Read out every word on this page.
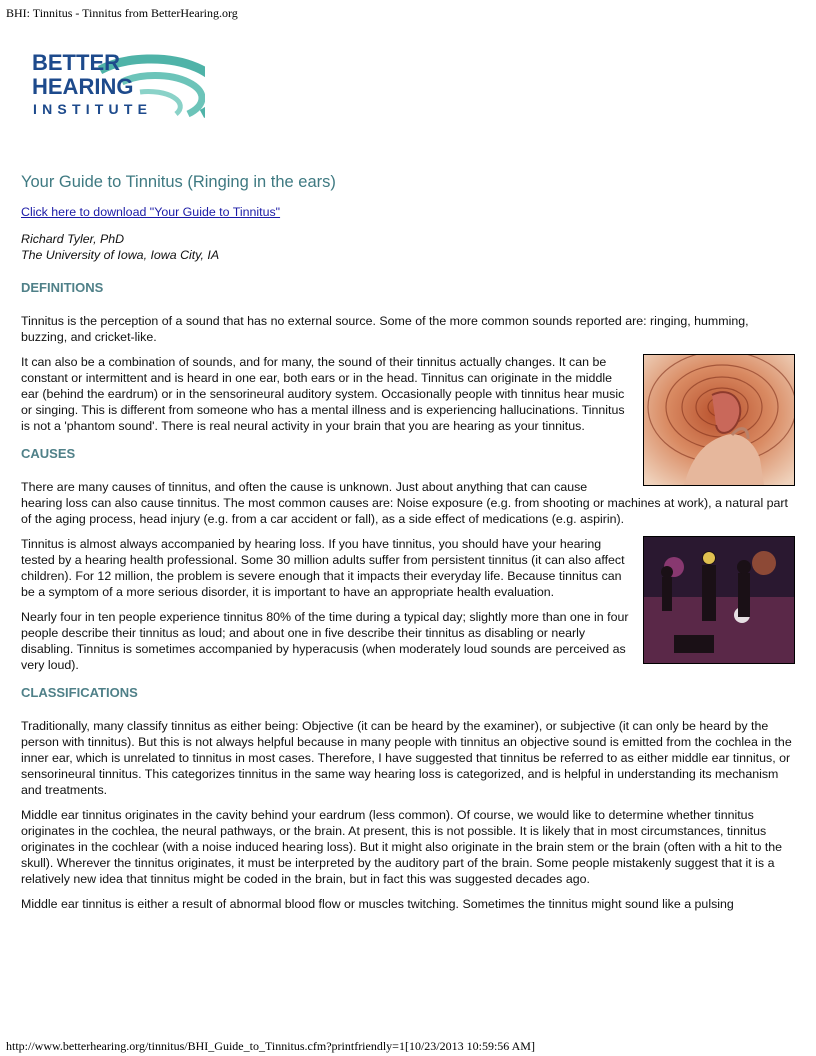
BHI: Tinnitus - Tinnitus from BetterHearing.org
BETTER
HEARING
INSTITUTE
Your Guide to Tinnitus (Ringing in the ears)
Click here to download "Your Guide to Tinnitus"
Richard Tyler, PhD
The University of Iowa, Iowa City, IA
DEFINITIONS

Tinnitus is the perception of a sound that has no external source. Some of the more common sounds reported are: ringing, humming, buzzing, and cricket-like.

It can also be a combination of sounds, and for many, the sound of their tinnitus actually changes. It can be constant or intermittent and is heard in one ear, both ears or in the head. Tinnitus can originate in the middle ear (behind the eardrum) or in the sensorineural auditory system. Occasionally people with tinnitus hear music or singing. This is different from someone who has a mental illness and is experiencing hallucinations. Tinnitus is not a 'phantom sound'. There is real neural activity in your brain that you are hearing as your tinnitus.

CAUSES

There are many causes of tinnitus, and often the cause is unknown. Just about anything that can cause hearing loss can also cause tinnitus. The most common causes are: Noise exposure (e.g. from shooting or machines at work), a natural part of the aging process, head injury (e.g. from a car accident or fall), as a side effect of medications (e.g. aspirin).

Tinnitus is almost always accompanied by hearing loss. If you have tinnitus, you should have your hearing tested by a hearing health professional. Some 30 million adults suffer from persistent tinnitus (it can also affect children). For 12 million, the problem is severe enough that it impacts their everyday life. Because tinnitus can be a symptom of a more serious disorder, it is important to have an appropriate health evaluation.

Nearly four in ten people experience tinnitus 80% of the time during a typical day; slightly more than one in four people describe their tinnitus as loud; and about one in five describe their tinnitus as disabling or nearly disabling. Tinnitus is sometimes accompanied by hyperacusis (when moderately loud sounds are perceived as very loud).

CLASSIFICATIONS

Traditionally, many classify tinnitus as either being: Objective (it can be heard by the examiner), or subjective (it can only be heard by the person with tinnitus). But this is not always helpful because in many people with tinnitus an objective sound is emitted from the cochlea in the inner ear, which is unrelated to tinnitus in most cases. Therefore, I have suggested that tinnitus be referred to as either middle ear tinnitus, or sensorineural tinnitus. This categorizes tinnitus in the same way hearing loss is categorized, and is helpful in understanding its mechanism and treatments.

Middle ear tinnitus originates in the cavity behind your eardrum (less common). Of course, we would like to determine whether tinnitus originates in the cochlea, the neural pathways, or the brain. At present, this is not possible. It is likely that in most circumstances, tinnitus originates in the cochlear (with a noise induced hearing loss). But it might also originate in the brain stem or the brain (often with a hit to the skull). Wherever the tinnitus originates, it must be interpreted by the auditory part of the brain. Some people mistakenly suggest that it is a relatively new idea that tinnitus might be coded in the brain, but in fact this was suggested decades ago.

Middle ear tinnitus is either a result of abnormal blood flow or muscles twitching. Sometimes the tinnitus might sound like a pulsing

http://www.betterhearing.org/tinnitus/BHI_Guide_to_Tinnitus.cfm?printfriendly=1[10/23/2013 10:59:56 AM]
